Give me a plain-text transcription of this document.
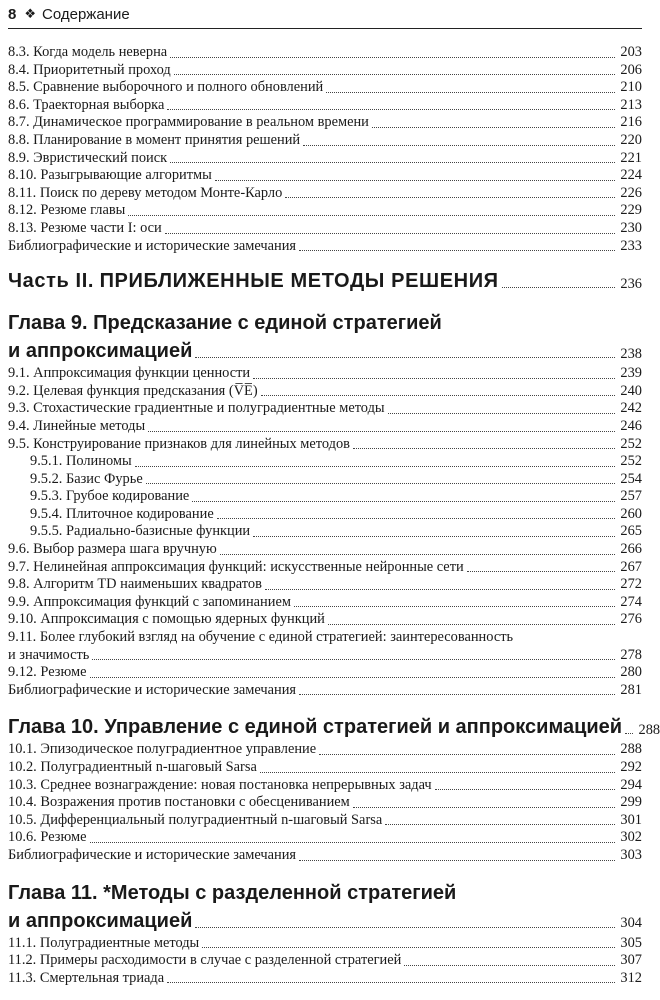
8 ❖ Содержание
8.3. Когда модель неверна	203
8.4. Приоритетный проход	206
8.5. Сравнение выборочного и полного обновлений	210
8.6. Траекторная выборка	213
8.7. Динамическое программирование в реальном времени	216
8.8. Планирование в момент принятия решений	220
8.9. Эвристический поиск	221
8.10. Разыгрывающие алгоритмы	224
8.11. Поиск по дереву методом Монте-Карло	226
8.12. Резюме главы	229
8.13. Резюме части I: оси	230
Библиографические и исторические замечания	233
Часть II. ПРИБЛИЖЕННЫЕ МЕТОДЫ РЕШЕНИЯ	236
Глава 9. Предсказание с единой стратегией
и аппроксимацией	238
9.1. Аппроксимация функции ценности	239
9.2. Целевая функция предсказания (V̅E̅)	240
9.3. Стохастические градиентные и полуградиентные методы	242
9.4. Линейные методы	246
9.5. Конструирование признаков для линейных методов	252
9.5.1. Полиномы	252
9.5.2. Базис Фурье	254
9.5.3. Грубое кодирование	257
9.5.4. Плиточное кодирование	260
9.5.5. Радиально-базисные функции	265
9.6. Выбор размера шага вручную	266
9.7. Нелинейная аппроксимация функций: искусственные нейронные сети	267
9.8. Алгоритм TD наименьших квадратов	272
9.9. Аппроксимация функций с запоминанием	274
9.10. Аппроксимация с помощью ядерных функций	276
9.11. Более глубокий взгляд на обучение с единой стратегией: заинтересованность
и значимость	278
9.12. Резюме	280
Библиографические и исторические замечания	281
Глава 10. Управление с единой стратегией и аппроксимацией 288
10.1. Эпизодическое полуградиентное управление	288
10.2. Полуградиентный n-шаговый Sarsa	292
10.3. Среднее вознаграждение: новая постановка непрерывных задач	294
10.4. Возражения против постановки с обесцениванием	299
10.5. Дифференциальный полуградиентный n-шаговый Sarsa	301
10.6. Резюме	302
Библиографические и исторические замечания	303
Глава 11. *Методы с разделенной стратегией
и аппроксимацией	304
11.1. Полуградиентные методы	305
11.2. Примеры расходимости в случае с разделенной стратегией	307
11.3. Смертельная триада	312
